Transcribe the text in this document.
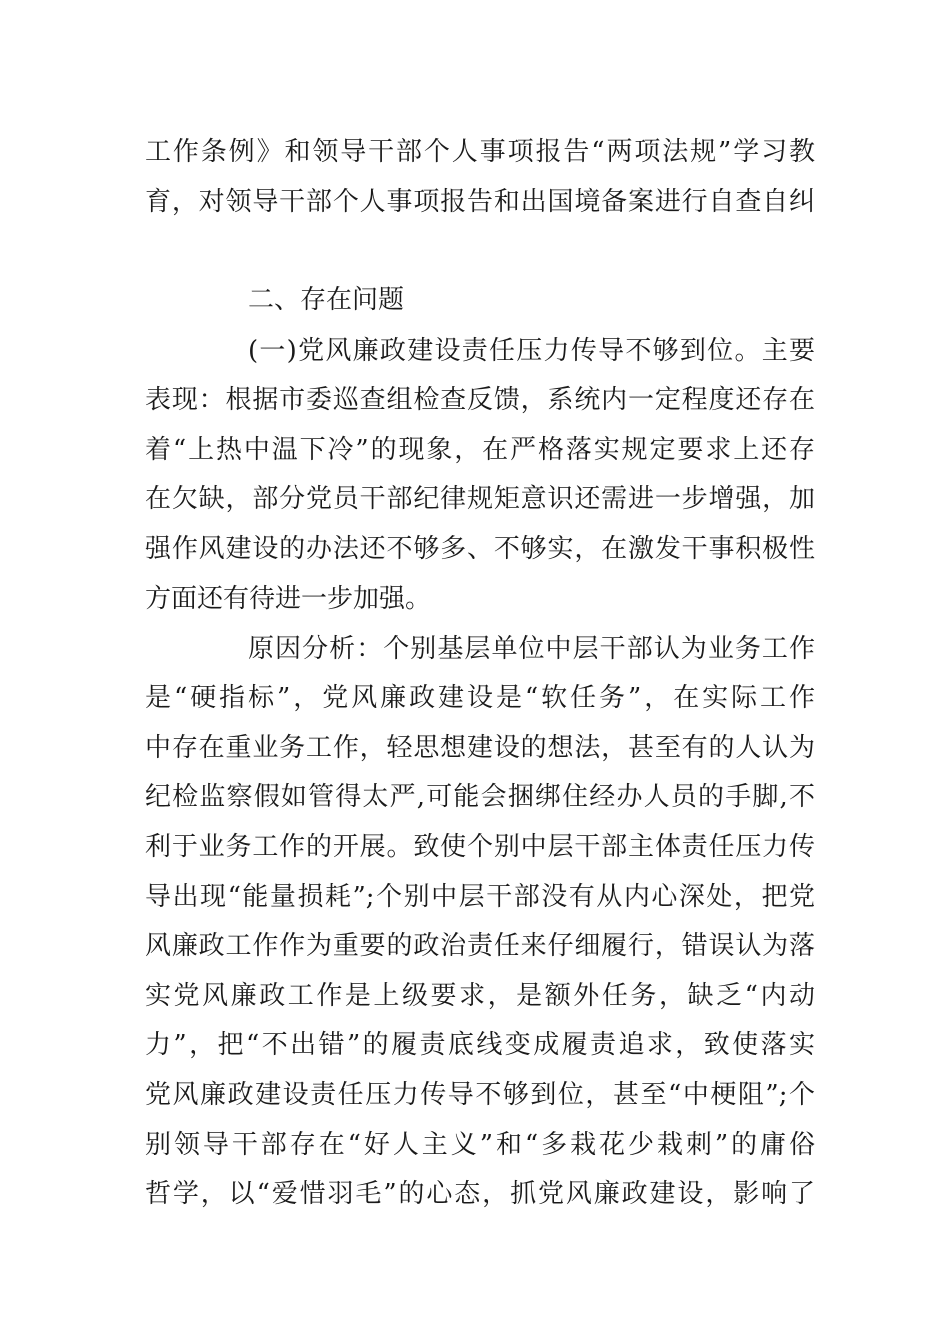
工作条例》和领导干部个人事项报告“两项法规”学习教
育，对领导干部个人事项报告和出国境备案进行自查自纠
二、存在问题
(一)党风廉政建设责任压力传导不够到位。主要
表现：根据市委巡查组检查反馈，系统内一定程度还存在
着“上热中温下冷”的现象，在严格落实规定要求上还存
在欠缺，部分党员干部纪律规矩意识还需进一步增强，加
强作风建设的办法还不够多、不够实，在激发干事积极性
方面还有待进一步加强。
原因分析：个别基层单位中层干部认为业务工作
是“硬指标”，党风廉政建设是“软任务”，在实际工作
中存在重业务工作，轻思想建设的想法，甚至有的人认为
纪检监察假如管得太严,可能会捆绑住经办人员的手脚,不
利于业务工作的开展。致使个别中层干部主体责任压力传
导出现“能量损耗”;个别中层干部没有从内心深处，把党
风廉政工作作为重要的政治责任来仔细履行，错误认为落
实党风廉政工作是上级要求，是额外任务，缺乏“内动
力”，把“不出错”的履责底线变成履责追求，致使落实
党风廉政建设责任压力传导不够到位，甚至“中梗阻”;个
别领导干部存在“好人主义”和“多栽花少栽刺”的庸俗
哲学，以“爱惜羽毛”的心态，抓党风廉政建设，影响了
